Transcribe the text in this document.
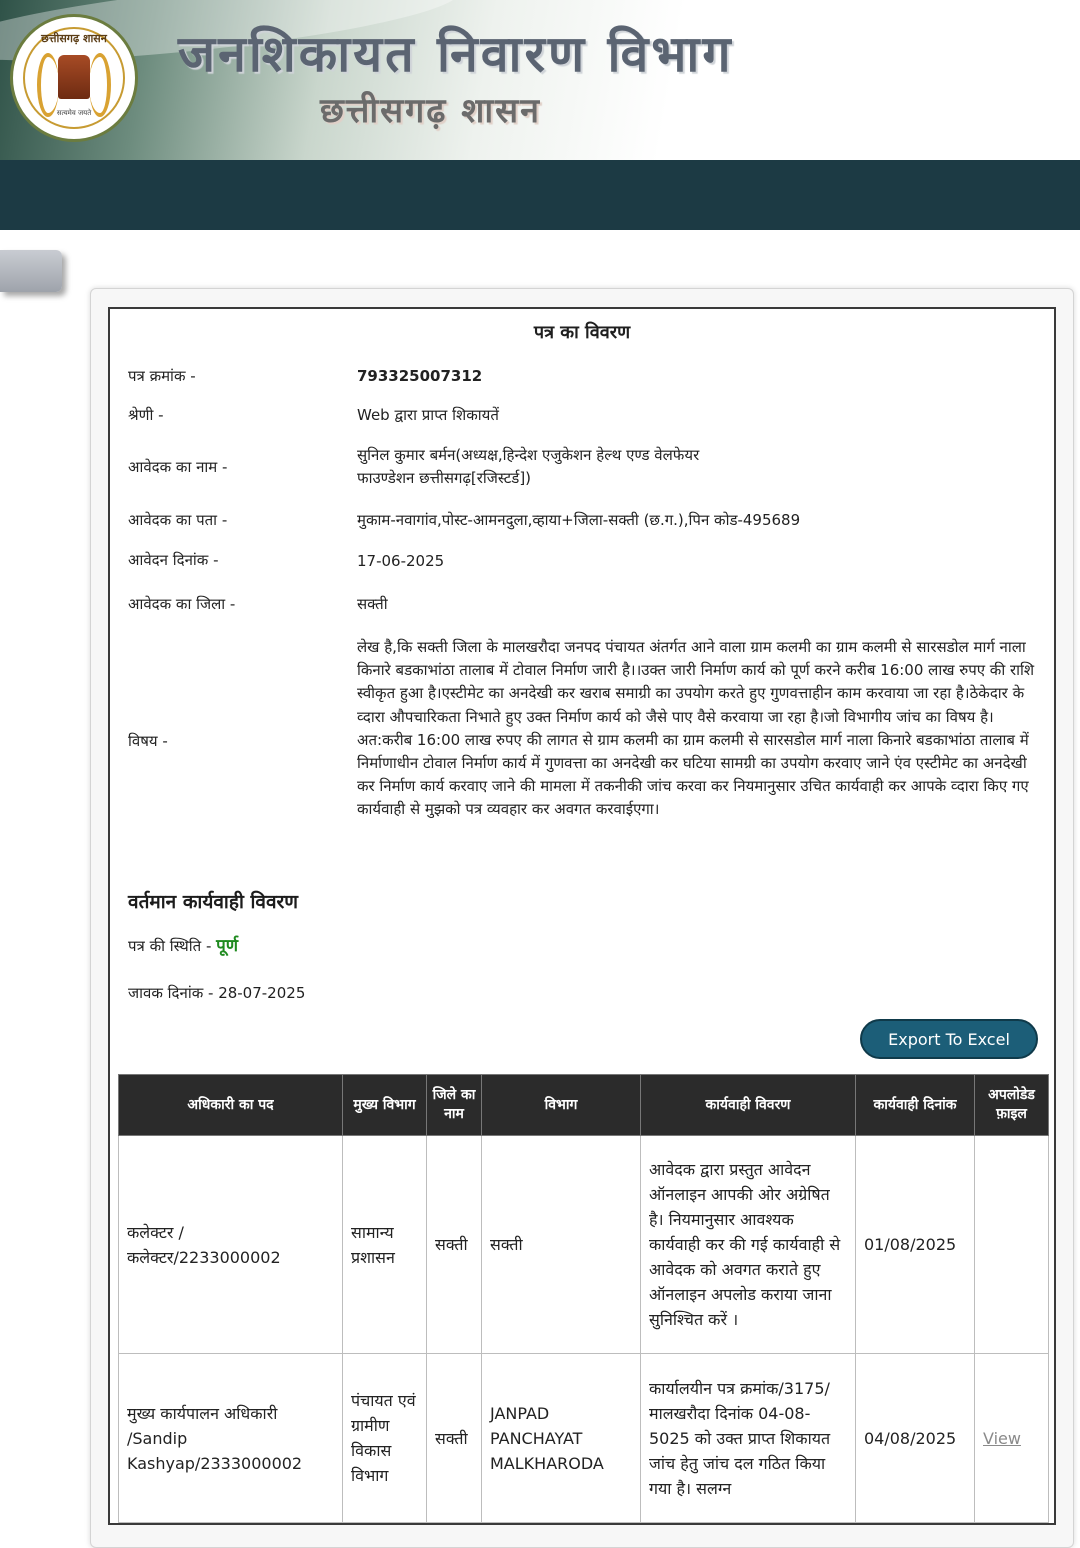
छत्तीसगढ़ शासन
सत्यमेव जयते
जनशिकायत निवारण विभाग
छत्तीसगढ़ शासन
पत्र का विवरण
पत्र क्रमांक -	793325007312
श्रेणी -	Web द्वारा प्राप्त शिकायतें
आवेदक का नाम -
सुनिल कुमार बर्मन(अध्यक्ष,हिन्देश एजुकेशन हेल्थ एण्ड वेलफेयर
फाउण्डेशन छत्तीसगढ़[रजिस्टर्ड])
आवेदक का पता -	मुकाम-नवागांव,पोस्ट-आमनदुला,व्हाया+जिला-सक्ती (छ.ग.),पिन कोड-495689
आवेदन दिनांक -	17-06-2025
आवेदक का जिला -	सक्ती
विषय -
लेख है,कि सक्ती जिला के मालखरौदा जनपद पंचायत अंतर्गत आने वाला ग्राम कलमी का ग्राम कलमी से सारसडोल मार्ग नाला किनारे बडकाभांठा तालाब में टोवाल निर्माण जारी है।।उक्त जारी निर्माण कार्य को पूर्ण करने करीब 16:00 लाख रुपए की राशि स्वीकृत हुआ है।एस्टीमेट का अनदेखी कर खराब समाग्री का उपयोग करते हुए गुणवत्ताहीन काम करवाया जा रहा है।ठेकेदार के व्दारा औपचारिकता निभाते हुए उक्त निर्माण कार्य को जैसे पाए वैसे करवाया जा रहा है।जो विभागीय जांच का विषय है।अत:करीब 16:00 लाख रुपए की लागत से ग्राम कलमी का ग्राम कलमी से सारसडोल मार्ग नाला किनारे बडकाभांठा तालाब में निर्माणाधीन टोवाल निर्माण कार्य में गुणवत्ता का अनदेखी कर घटिया सामग्री का उपयोग करवाए जाने एंव एस्टीमेट का अनदेखी कर निर्माण कार्य करवाए जाने की मामला में तकनीकी जांच करवा कर नियमानुसार उचित कार्यवाही कर आपके व्दारा किए गए कार्यवाही से मुझको पत्र व्यवहार कर अवगत करवाईएगा।
वर्तमान कार्यवाही विवरण
पत्र की स्थिति - पूर्ण
जावक दिनांक - 28-07-2025
Export To Excel
अधिकारी का पद	मुख्य विभाग	जिले का नाम	विभाग	कार्यवाही विवरण	कार्यवाही दिनांक	अपलोडेड फ़ाइल
कलेक्टर / कलेक्टर/2233000002	सामान्य प्रशासन	सक्ती	सक्ती	आवेदक द्वारा प्रस्तुत आवेदन ऑनलाइन आपकी ओर अग्रेषित है। नियमानुसार आवश्यक कार्यवाही कर की गई कार्यवाही से आवेदक को अवगत कराते हुए ऑनलाइन अपलोड कराया जाना सुनिश्चित करें ।	01/08/2025	
मुख्य कार्यपालन अधिकारी /Sandip Kashyap/2333000002	पंचायत एवं ग्रामीण विकास विभाग	सक्ती	JANPAD PANCHAYAT MALKHARODA	कार्यालयीन पत्र क्रमांक/3175/ मालखरौदा दिनांक 04-08-5025 को उक्त प्राप्त शिकायत जांच हेतु जांच दल गठित किया गया है। सलग्न	04/08/2025	View
